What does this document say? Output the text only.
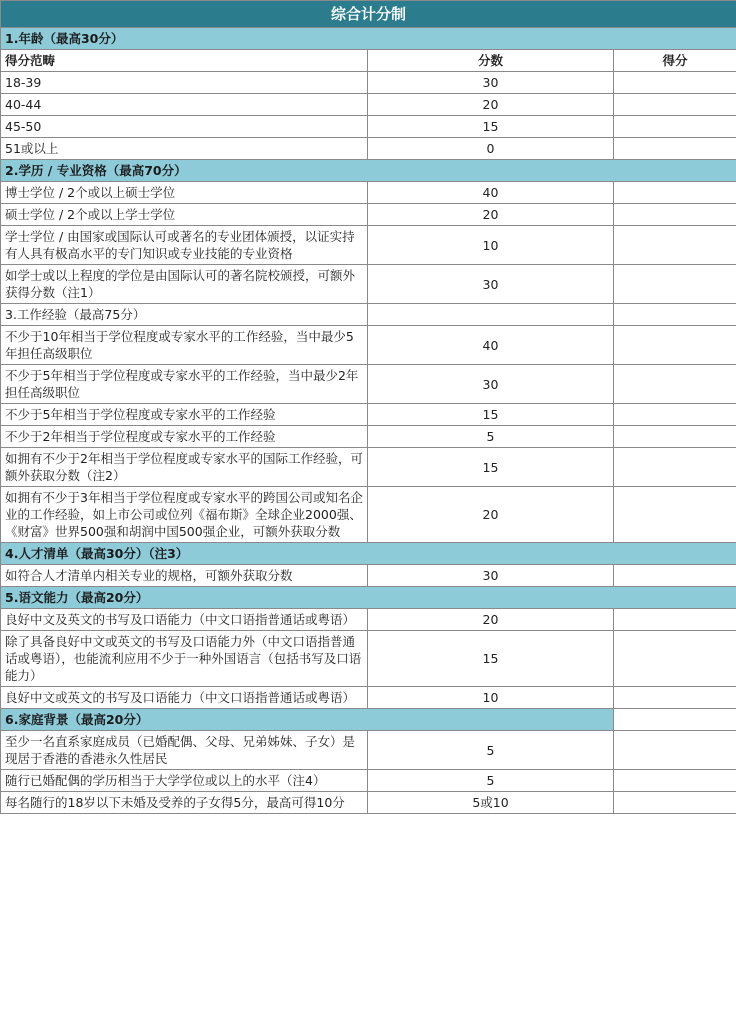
综合计分制		
1.年龄（最高30分）		
得分范畴	分数	得分
18-39	30	
40-44	20	
45-50	15	
51或以上	0	
2.学历 / 专业资格（最高70分）		
博士学位 / 2个或以上硕士学位	40	
硕士学位 / 2个或以上学士学位	20	
学士学位 / 由国家或国际认可或著名的专业团体颁授，以证实持有人具有极高水平的专门知识或专业技能的专业资格	10	
如学士或以上程度的学位是由国际认可的著名院校颁授，可额外获得分数（注1）	30	
3.工作经验（最高75分）		
不少于10年相当于学位程度或专家水平的工作经验，当中最少5年担任高级职位	40	
不少于5年相当于学位程度或专家水平的工作经验，当中最少2年担任高级职位	30	
不少于5年相当于学位程度或专家水平的工作经验	15	
不少于2年相当于学位程度或专家水平的工作经验	5	
如拥有不少于2年相当于学位程度或专家水平的国际工作经验，可额外获取分数（注2）	15	
如拥有不少于3年相当于学位程度或专家水平的跨国公司或知名企业的工作经验，如上市公司或位列《福布斯》全球企业2000强、《财富》世界500强和胡润中国500强企业，可额外获取分数	20	
4.人才清单（最高30分）（注3）		
如符合人才清单内相关专业的规格，可额外获取分数	30	
5.语文能力（最高20分）		
良好中文及英文的书写及口语能力（中文口语指普通话或粤语）	20	
除了具备良好中文或英文的书写及口语能力外（中文口语指普通话或粤语），也能流利应用不少于一种外国语言（包括书写及口语能力）	15	
良好中文或英文的书写及口语能力（中文口语指普通话或粤语）	10	
6.家庭背景（最高20分）		
至少一名直系家庭成员（已婚配偶、父母、兄弟姊妹、子女）是现居于香港的香港永久性居民	5	
随行已婚配偶的学历相当于大学学位或以上的水平（注4）	5	
每名随行的18岁以下未婚及受养的子女得5分，最高可得10分	5或10	
